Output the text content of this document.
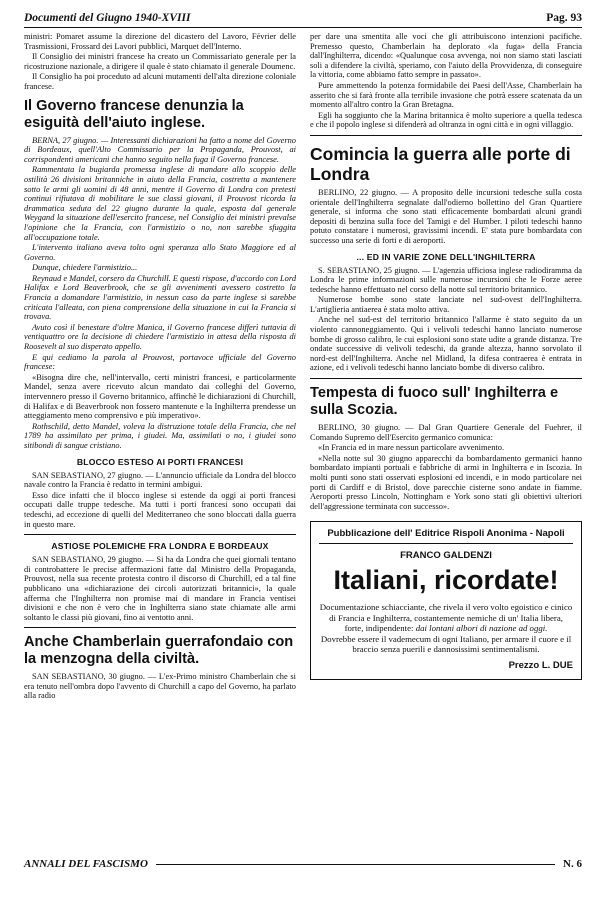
Documenti del Giugno 1940-XVIII	Pag. 93

ministri: Pomaret assume la direzione del dicastero del Lavoro, Février delle Trasmissioni, Frossard dei Lavori pubblici, Marquet dell'Interno.

Il Consiglio dei ministri francese ha creato un Commissariato generale per la ricostruzione nazionale, a dirigere il quale è stato chiamato il generale Doumenc.

Il Consiglio ha poi proceduto ad alcuni mutamenti dell'alta direzione coloniale francese.

Il Governo francese denunzia la esiguità dell'aiuto inglese.

BERNA, 27 giugno. — Interessanti dichiarazioni ha fatto a nome del Governo di Bordeaux, quell'Alto Commissario per la Propaganda, Prouvost, ai corrispondenti americani che hanno seguito nella fuga il Governo francese.

Rammentata la bugiarda promessa inglese di mandare allo scoppio delle ostilità 26 divisioni britanniche in aiuto della Francia, costretta a mantenere sotto le armi gli uomini di 48 anni, mentre il Governo di Londra con pretesti continui rifiutava di mobilitare le sue classi giovani, il Prouvost ricorda la drammatica seduta del 22 giugno durante la quale, esposta dal generale Weygand la situazione dell'esercito francese, nel Consiglio dei ministri prevalse l'opinione che la Francia, con l'armistizio o no, non sarebbe sfuggita all'occupazione totale.

L'intervento italiano aveva tolto ogni speranza allo Stato Maggiore ed al Governo.

Dunque, chiedere l'armistizio...

Reynaud e Mandel, corsero da Churchill. E questi rispose, d'accordo con Lord Halifax e Lord Beaverbrook, che se gli avvenimenti avessero costretto la Francia a domandare l'armistizio, in nessun caso da parte inglese si sarebbe criticata l'alleata, con piena comprensione della situazione in cui la Francia si trovava.

Avuto così il benestare d'oltre Manica, il Governo francese differì tuttavia di ventiquattro ore la decisione di chiedere l'armistizio in attesa della risposta di Roosevelt al suo disperato appello.

E qui cediamo la parola al Prouvost, portavoce ufficiale del Governo francese:

«Bisogna dire che, nell'intervallo, certi ministri francesi, e particolarmente Mandel, senza avere ricevuto alcun mandato dai colleghi del Governo, intervennero presso il Governo britannico, affinchè le dichiarazioni di Churchill, di Halifax e di Beaverbrook non fossero mantenute e la Inghilterra prendesse un atteggiamento meno comprensivo e più imperativo».

Rothschild, detto Mandel, voleva la distruzione totale della Francia, che nel 1789 ha assimilato per prima, i giudei. Ma, assimilati o no, i giudei sono sitibondi di sangue cristiano.

BLOCCO ESTESO AI PORTI FRANCESI

SAN SEBASTIANO, 27 giugno. — L'annuncio ufficiale da Londra del blocco navale contro la Francia è redatto in termini ambigui.

Esso dice infatti che il blocco inglese si estende da oggi ai porti francesi occupati dalle truppe tedesche. Ma tutti i porti francesi sono occupati dai tedeschi, ad eccezione di quelli del Mediterraneo che sono bloccati dalla guerra in questo mare.

ASTIOSE POLEMICHE FRA LONDRA E BORDEAUX

SAN SEBASTIANO, 29 giugno. — Si ha da Londra che quei giornali tentano di controbattere le precise affermazioni fatte dal Ministro della Propaganda, Prouvost, nella sua recente protesta contro il discorso di Churchill, ed a tal fine pubblicano una «dichiarazione dei circoli autorizzati britannici», la quale afferma che l'Inghilterra non promise mai di mandare in Francia ventisei divisioni e che non è vero che in Inghilterra siano state chiamate alle armi soltanto le classi più giovani, fino ai ventotto anni.

Anche Chamberlain guerrafondaio con la menzogna della civiltà.

SAN SEBASTIANO, 30 giugno. — L'ex-Primo ministro Chamberlain che si era tenuto nell'ombra dopo l'avvento di Churchill a capo del Governo, ha parlato alla radio

per dare una smentita alle voci che gli attribuiscono intenzioni pacifiche. Premesso questo, Chamberlain ha deplorato «la fuga» della Francia dall'Inghilterra, dicendo: «Qualunque cosa avvenga, noi non siamo stati lasciati soli a difendere la civiltà, speriamo, con l'aiuto della Provvidenza, di conseguire la vittoria, come abbiamo fatto sempre in passato».

Pure ammettendo la potenza formidabile dei Paesi dell'Asse, Chamberlain ha asserito che si farà fronte alla terribile invasione che potrà essere scatenata da un momento all'altro contro la Gran Bretagna.

Egli ha soggiunto che la Marina britannica è molto superiore a quella tedesca e che il popolo inglese si difenderà ad oltranza in ogni città e in ogni villaggio.

Comincia la guerra alle porte di Londra

BERLINO, 22 giugno. — A proposito delle incursioni tedesche sulla costa orientale dell'Inghilterra segnalate dall'odierno bollettino del Gran Quartiere generale, si informa che sono stati efficacemente bombardati alcuni grandi depositi di benzina sulla foce del Tamigi e del Humber. I piloti tedeschi hanno potuto constatare i numerosi, gravissimi incendi. E' stata pure bombardata con successo una serie di forti e di aeroporti.

... ED IN VARIE ZONE DELL'INGHILTERRA

S. SEBASTIANO, 25 giugno. — L'agenzia ufficiosa inglese radiodiramma da Londra le prime informazioni sulle numerose incursioni che le Forze aeree tedesche hanno effettuato nel corso della notte sul territorio britannico.

Numerose bombe sono state lanciate nel sud-ovest dell'Inghilterra. L'artiglieria antiaerea è stata molto attiva.

Anche nel sud-est del territorio britannico l'allarme è stato seguito da un violento cannoneggiamento. Qui i velivoli tedeschi hanno lanciato numerose bombe di grosso calibro, le cui esplosioni sono state udite a grande distanza. Tre ondate successive di velivoli tedeschi, da grande altezza, hanno sorvolato il nord-est dell'Inghilterra. Anche nel Midland, la difesa contraerea è entrata in azione, ed i velivoli tedeschi hanno lanciato bombe di diverso calibro.

Tempesta di fuoco sull' Inghilterra e sulla Scozia.

BERLINO, 30 giugno. — Dal Gran Quartiere Generale del Fuehrer, il Comando Supremo dell'Esercito germanico comunica:

«In Francia ed in mare nessun particolare avvenimento.

«Nella notte sul 30 giugno apparecchi da bombardamento germanici hanno bombardato impianti portuali e fabbriche di armi in Inghilterra e in Iscozia. In molti punti sono stati osservati esplosioni ed incendi, e in modo particolare nei porti di Cardiff e di Bristol, dove parecchie cisterne sono andate in fiamme. Aeroporti presso Lincoln, Nottingham e York sono stati gli obiettivi ulteriori dell'aggressione terminata con successo».

Pubblicazione dell' Editrice Rispoli Anonima - Napoli
FRANCO GALDENZI
Italiani, ricordate!
Documentazione schiaccìante, che rivela il vero volto egoistico e cinico di Francia e Inghilterra, costantemente nemiche di un' Italia libera, forte, indipendente: dai lontani albori di nazione ad oggi.
Dovrebbe essere il vademecum di ogni Italiano, per armare il cuore e il braccio senza puerili e dannosissimi sentimentalismi.
Prezzo L. DUE
ANNALI DEL FASCISMO	N. 6
